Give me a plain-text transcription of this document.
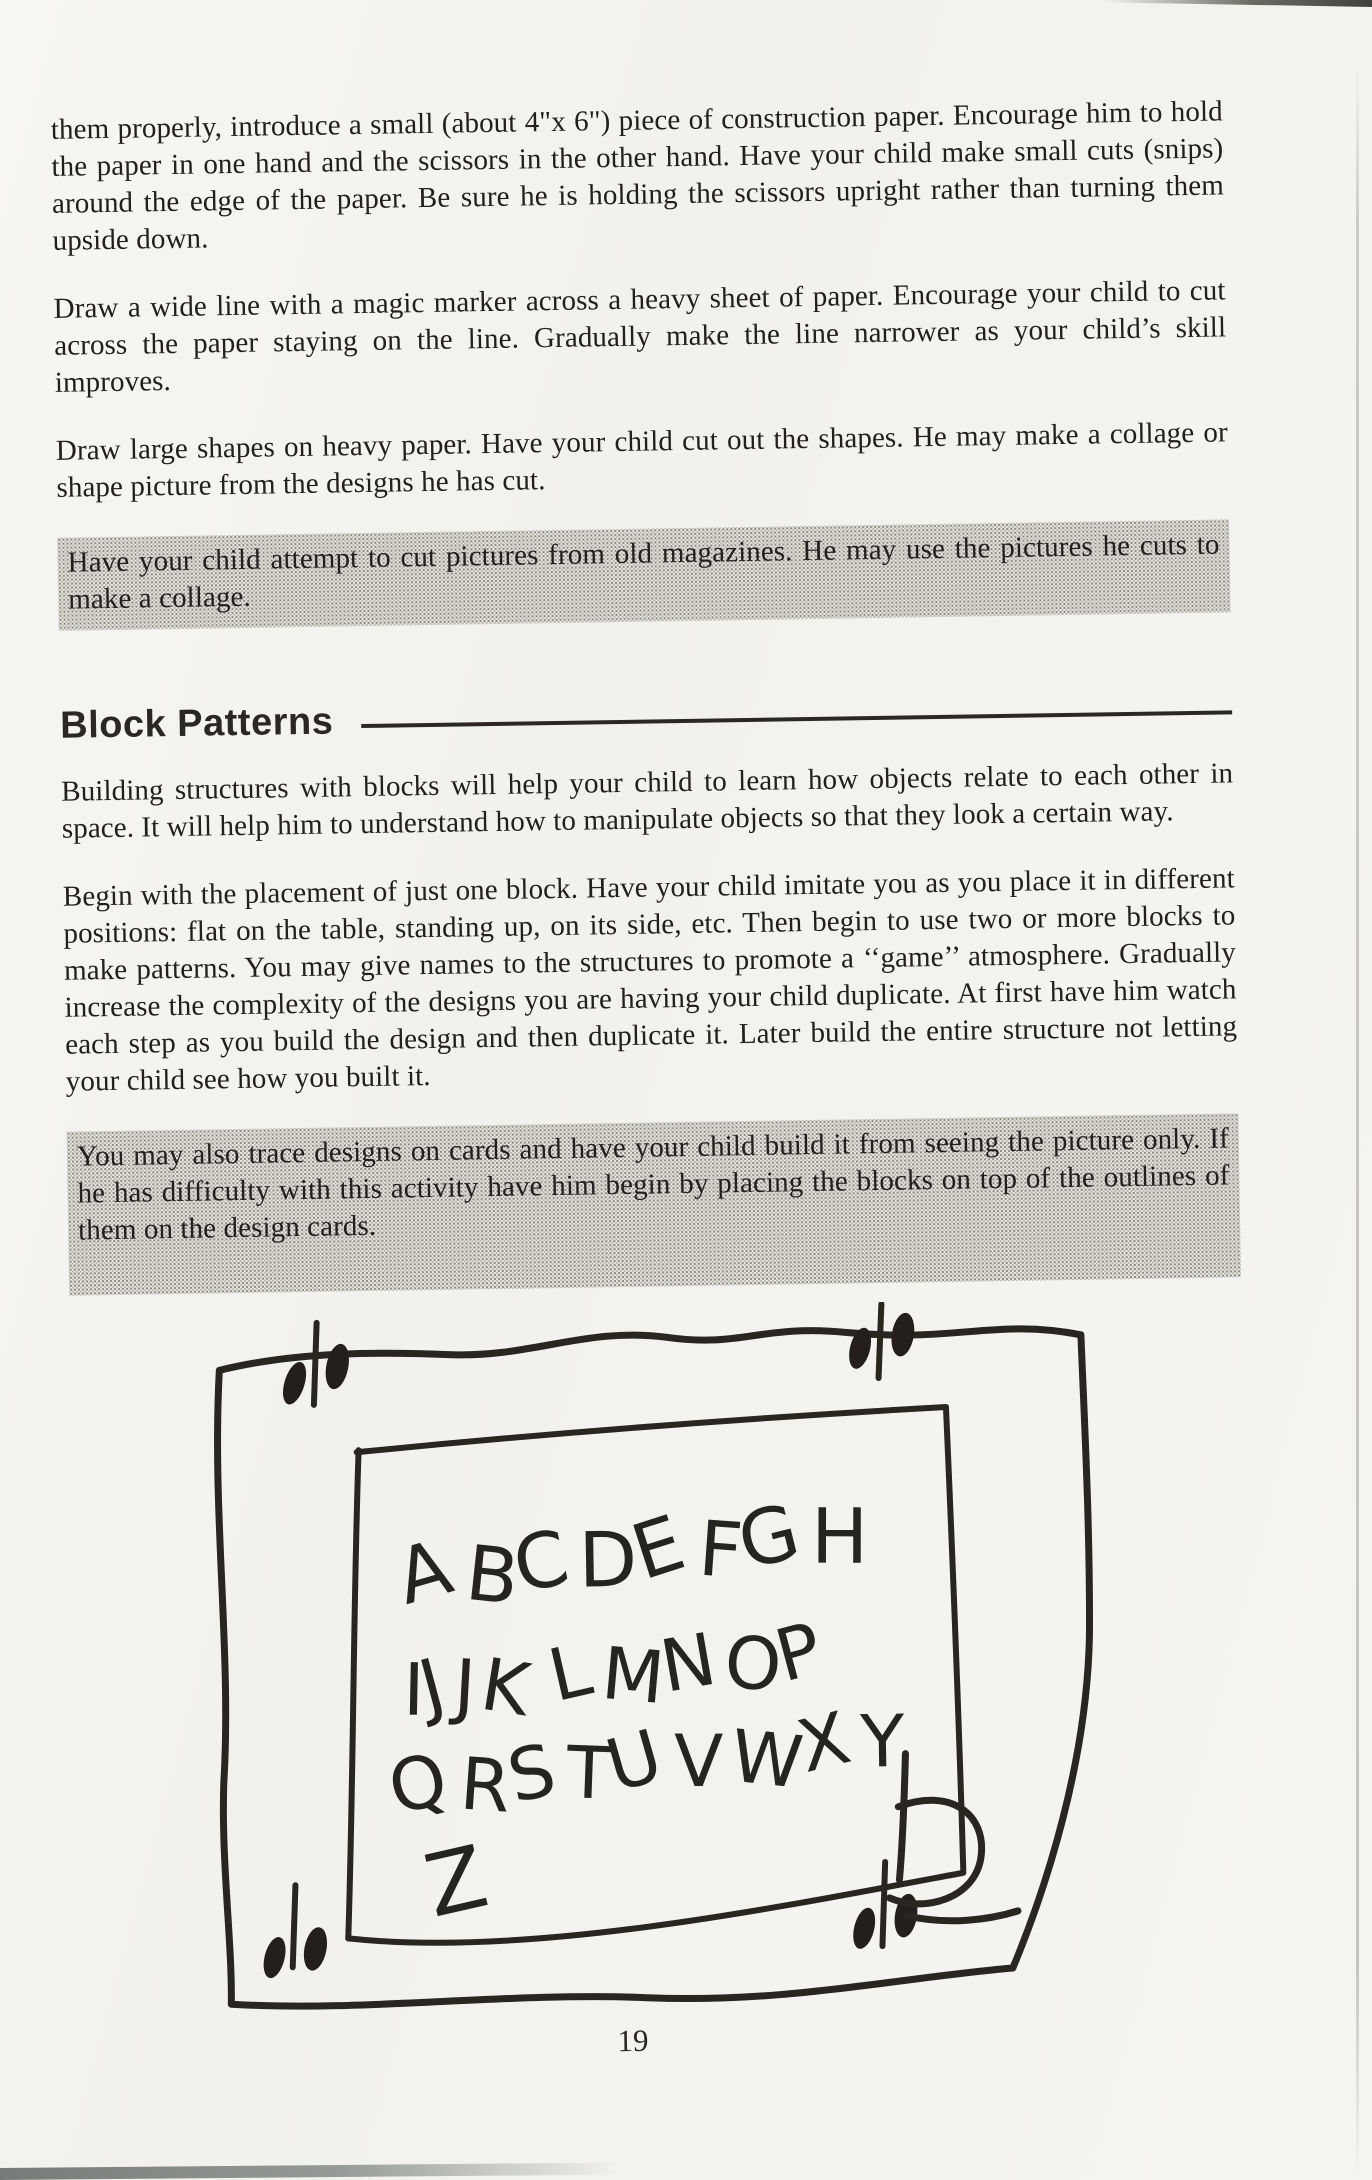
them properly, introduce a small (about 4"x 6") piece of construction paper. Encourage him to hold the paper in one hand and the scissors in the other hand. Have your child make small cuts (snips) around the edge of the paper. Be sure he is holding the scissors upright rather than turning them upside down.

Draw a wide line with a magic marker across a heavy sheet of paper. Encourage your child to cut across the paper staying on the line. Gradually make the line narrower as your child’s skill improves.

Draw large shapes on heavy paper. Have your child cut out the shapes. He may make a collage or shape picture from the designs he has cut.

Have your child attempt to cut pictures from old magazines. He may use the pictures he cuts to make a collage.

Block Patterns

Building structures with blocks will help your child to learn how objects relate to each other in space. It will help him to understand how to manipulate objects so that they look a certain way.

Begin with the placement of just one block. Have your child imitate you as you place it in different positions: flat on the table, standing up, on its side, etc. Then begin to use two or more blocks to make patterns. You may give names to the structures to promote a ‘‘game’’ atmosphere. Gradually increase the complexity of the designs you are having your child duplicate. At first have him watch each step as you build the design and then duplicate it. Later build the entire structure not letting your child see how you built it.

You may also trace designs on cards and have your child build it from seeing the picture only. If he has difficulty with this activity have him begin by placing the blocks on top of the outlines of them on the design cards.

ABCDEFGH
IJJK LMNOP
QRSTUVWXY
Z
19
